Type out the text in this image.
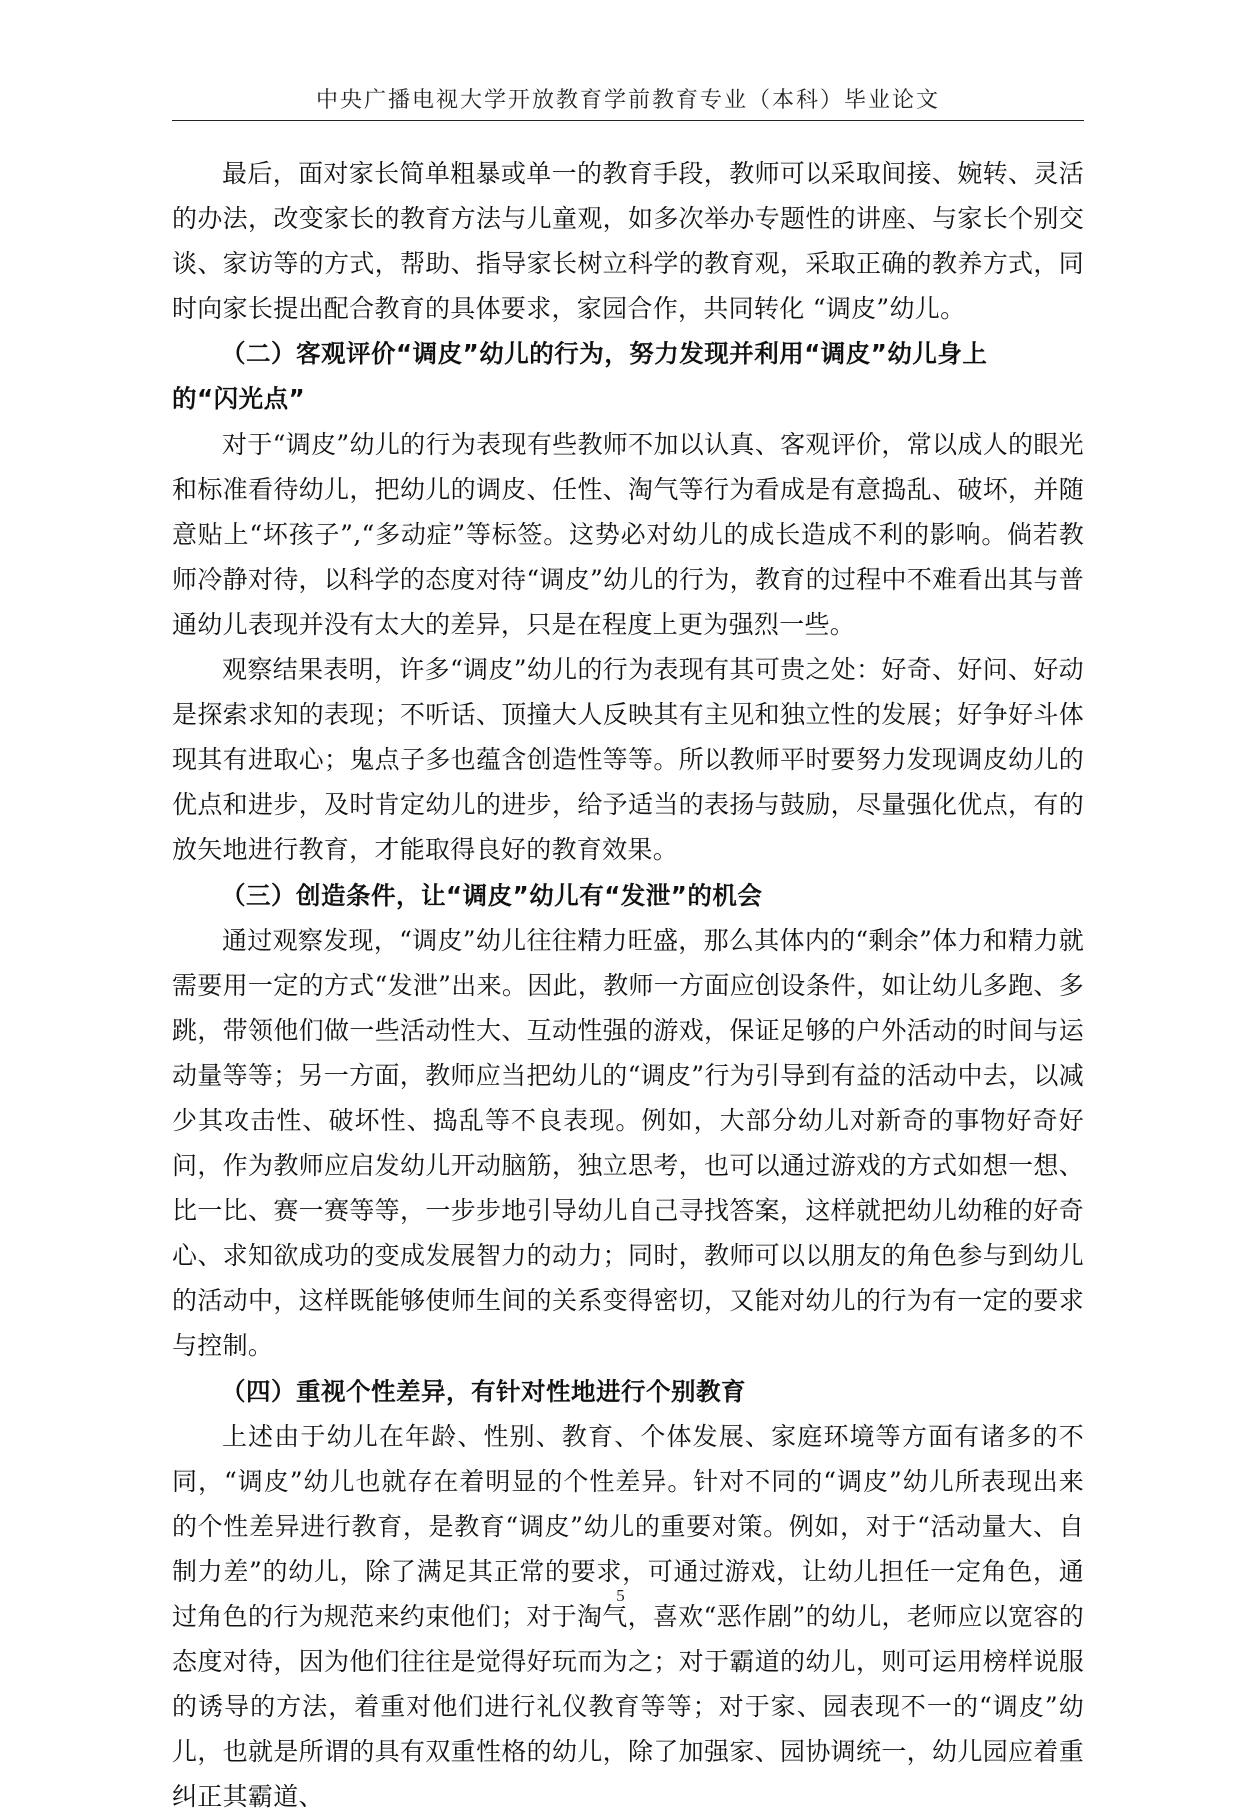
中央广播电视大学开放教育学前教育专业（本科）毕业论文

最后，面对家长简单粗暴或单一的教育手段，教师可以采取间接、婉转、灵活的办法，改变家长的教育方法与儿童观，如多次举办专题性的讲座、与家长个别交谈、家访等的方式，帮助、指导家长树立科学的教育观，采取正确的教养方式，同时向家长提出配合教育的具体要求，家园合作，共同转化 “调皮”幼儿。

（二）客观评价“调皮”幼儿的行为，努力发现并利用“调皮”幼儿身上
的“闪光点”

对于“调皮”幼儿的行为表现有些教师不加以认真、客观评价，常以成人的眼光和标准看待幼儿，把幼儿的调皮、任性、淘气等行为看成是有意捣乱、破坏，并随意贴上“坏孩子”,“多动症”等标签。这势必对幼儿的成长造成不利的影响。倘若教师冷静对待，以科学的态度对待“调皮”幼儿的行为，教育的过程中不难看出其与普通幼儿表现并没有太大的差异，只是在程度上更为强烈一些。

观察结果表明，许多“调皮”幼儿的行为表现有其可贵之处：好奇、好问、好动是探索求知的表现；不听话、顶撞大人反映其有主见和独立性的发展；好争好斗体现其有进取心；鬼点子多也蕴含创造性等等。所以教师平时要努力发现调皮幼儿的优点和进步，及时肯定幼儿的进步，给予适当的表扬与鼓励，尽量强化优点，有的放矢地进行教育，才能取得良好的教育效果。

（三）创造条件，让“调皮”幼儿有“发泄”的机会

通过观察发现，“调皮”幼儿往往精力旺盛，那么其体内的“剩余”体力和精力就需要用一定的方式“发泄”出来。因此，教师一方面应创设条件，如让幼儿多跑、多跳，带领他们做一些活动性大、互动性强的游戏，保证足够的户外活动的时间与运动量等等；另一方面，教师应当把幼儿的“调皮”行为引导到有益的活动中去，以减少其攻击性、破坏性、捣乱等不良表现。例如，大部分幼儿对新奇的事物好奇好问，作为教师应启发幼儿开动脑筋，独立思考，也可以通过游戏的方式如想一想、比一比、赛一赛等等，一步步地引导幼儿自己寻找答案，这样就把幼儿幼稚的好奇心、求知欲成功的变成发展智力的动力；同时，教师可以以朋友的角色参与到幼儿的活动中，这样既能够使师生间的关系变得密切，又能对幼儿的行为有一定的要求与控制。

（四）重视个性差异，有针对性地进行个别教育

上述由于幼儿在年龄、性别、教育、个体发展、家庭环境等方面有诸多的不同，“调皮”幼儿也就存在着明显的个性差异。针对不同的“调皮”幼儿所表现出来的个性差异进行教育，是教育“调皮”幼儿的重要对策。例如，对于“活动量大、自制力差”的幼儿，除了满足其正常的要求，可通过游戏，让幼儿担任一定角色，通过角色的行为规范来约束他们；对于淘气，喜欢“恶作剧”的幼儿，老师应以宽容的态度对待，因为他们往往是觉得好玩而为之；对于霸道的幼儿，则可运用榜样说服的诱导的方法，着重对他们进行礼仪教育等等；对于家、园表现不一的“调皮”幼儿，也就是所谓的具有双重性格的幼儿，除了加强家、园协调统一，幼儿园应着重纠正其霸道、

5
